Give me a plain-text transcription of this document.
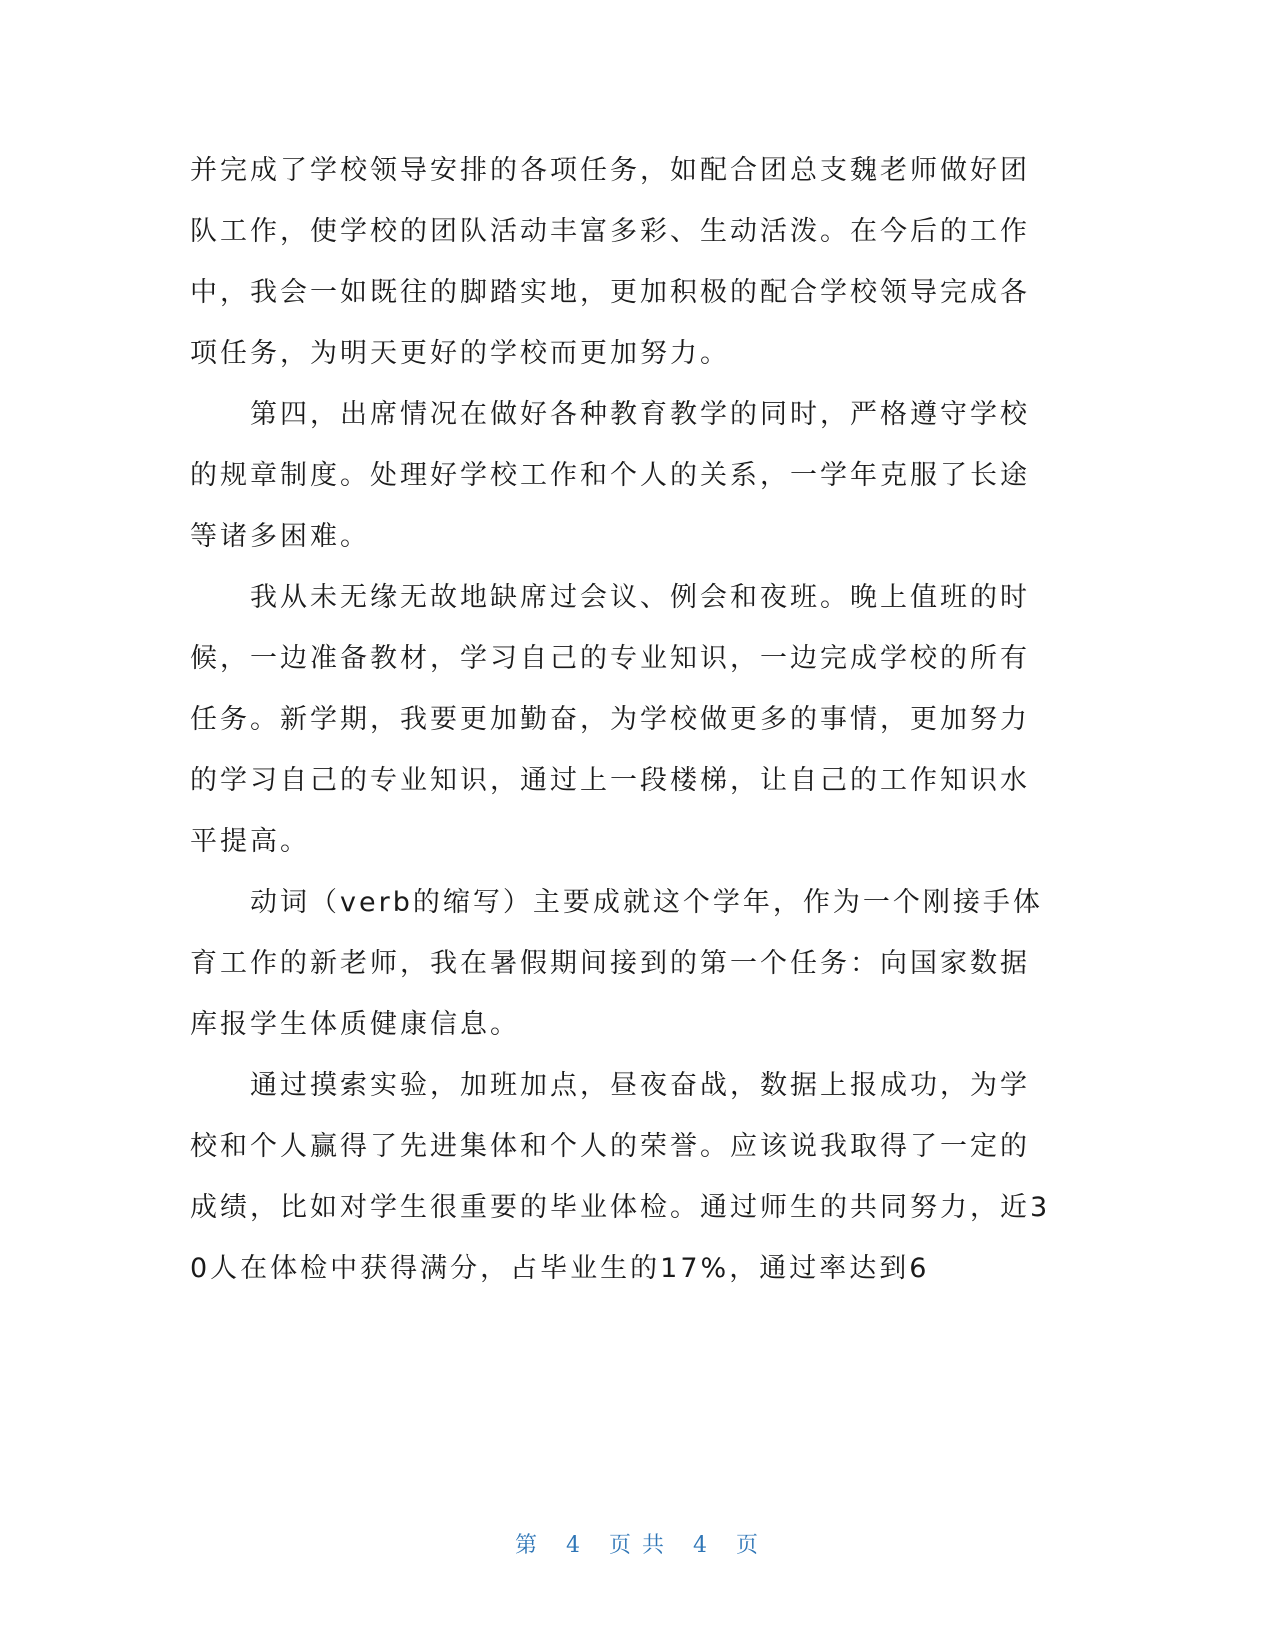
并完成了学校领导安排的各项任务，如配合团总支魏老师做好团
队工作，使学校的团队活动丰富多彩、生动活泼。在今后的工作
中，我会一如既往的脚踏实地，更加积极的配合学校领导完成各
项任务，为明天更好的学校而更加努力。
　　第四，出席情况在做好各种教育教学的同时，严格遵守学校
的规章制度。处理好学校工作和个人的关系，一学年克服了长途
等诸多困难。
　　我从未无缘无故地缺席过会议、例会和夜班。晚上值班的时
候，一边准备教材，学习自己的专业知识，一边完成学校的所有
任务。新学期，我要更加勤奋，为学校做更多的事情，更加努力
的学习自己的专业知识，通过上一段楼梯，让自己的工作知识水
平提高。
　　动词（verb的缩写）主要成就这个学年，作为一个刚接手体
育工作的新老师，我在暑假期间接到的第一个任务：向国家数据
库报学生体质健康信息。
　　通过摸索实验，加班加点，昼夜奋战，数据上报成功，为学
校和个人赢得了先进集体和个人的荣誉。应该说我取得了一定的
成绩，比如对学生很重要的毕业体检。通过师生的共同努力，近3
0人在体检中获得满分，占毕业生的17%，通过率达到6
第 4 页 共 4 页
